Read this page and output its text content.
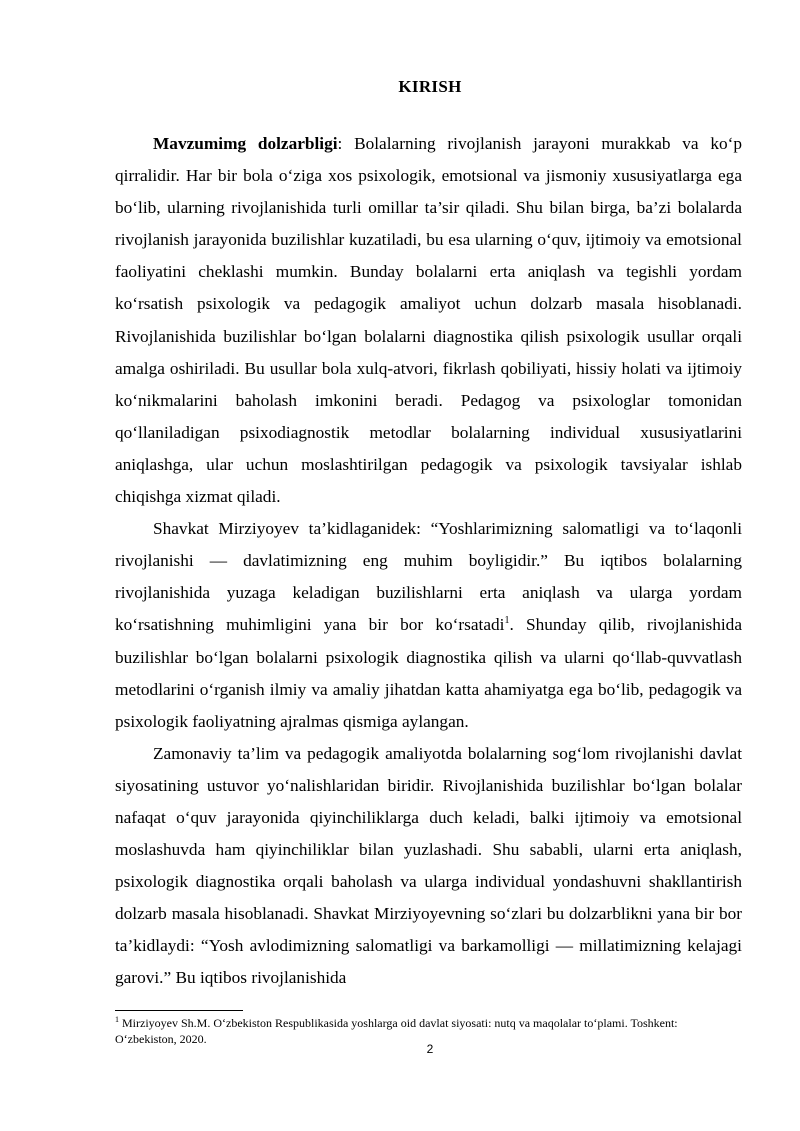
KIRISH

Mavzumimg dolzarbligi: Bolalarning rivojlanish jarayoni murakkab va ko‘p qirralidir. Har bir bola o‘ziga xos psixologik, emotsional va jismoniy xususiyatlarga ega bo‘lib, ularning rivojlanishida turli omillar ta’sir qiladi. Shu bilan birga, ba’zi bolalarda rivojlanish jarayonida buzilishlar kuzatiladi, bu esa ularning o‘quv, ijtimoiy va emotsional faoliyatini cheklashi mumkin. Bunday bolalarni erta aniqlash va tegishli yordam ko‘rsatish psixologik va pedagogik amaliyot uchun dolzarb masala hisoblanadi. Rivojlanishida buzilishlar bo‘lgan bolalarni diagnostika qilish psixologik usullar orqali amalga oshiriladi. Bu usullar bola xulq-atvori, fikrlash qobiliyati, hissiy holati va ijtimoiy ko‘nikmalarini baholash imkonini beradi. Pedagog va psixologlar tomonidan qo‘llaniladigan psixodiagnostik metodlar bolalarning individual xususiyatlarini aniqlashga, ular uchun moslashtirilgan pedagogik va psixologik tavsiyalar ishlab chiqishga xizmat qiladi.

Shavkat Mirziyoyev ta’kidlaganidek: “Yoshlarimizning salomatligi va to‘laqonli rivojlanishi — davlatimizning eng muhim boyligidir.” Bu iqtibos bolalarning rivojlanishida yuzaga keladigan buzilishlarni erta aniqlash va ularga yordam ko‘rsatishning muhimligini yana bir bor ko‘rsatadi$^1$. Shunday qilib, rivojlanishida buzilishlar bo‘lgan bolalarni psixologik diagnostika qilish va ularni qo‘llab-quvvatlash metodlarini o‘rganish ilmiy va amaliy jihatdan katta ahamiyatga ega bo‘lib, pedagogik va psixologik faoliyatning ajralmas qismiga aylangan.

Zamonaviy ta’lim va pedagogik amaliyotda bolalarning sog‘lom rivojlanishi davlat siyosatining ustuvor yo‘nalishlaridan biridir. Rivojlanishida buzilishlar bo‘lgan bolalar nafaqat o‘quv jarayonida qiyinchiliklarga duch keladi, balki ijtimoiy va emotsional moslashuvda ham qiyinchiliklar bilan yuzlashadi. Shu sababli, ularni erta aniqlash, psixologik diagnostika orqali baholash va ularga individual yondashuvni shakllantirish dolzarb masala hisoblanadi. Shavkat Mirziyoyevning so‘zlari bu dolzarblikni yana bir bor ta’kidlaydi: “Yosh avlodimizning salomatligi va barkamolligi — millatimizning kelajagi garovi.” Bu iqtibos rivojlanishida

$^1$ Mirziyoyev Sh.M. O‘zbekiston Respublikasida yoshlarga oid davlat siyosati: nutq va maqolalar to‘plami. Toshkent: O‘zbekiston, 2020.
2
